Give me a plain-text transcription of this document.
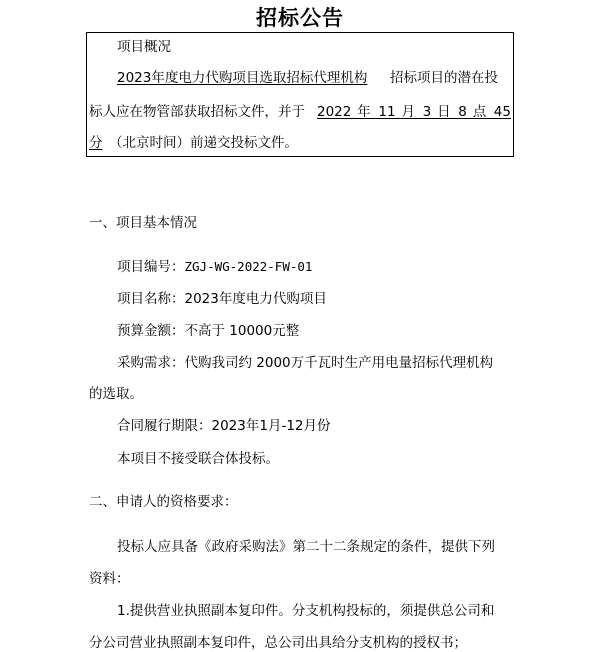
招标公告
项目概况
2023年度电力代购项目选取招标代理机构 招标项目的潜在投
标人应在物管部获取招标文件，并于 2022 年 11 月 3 日 8 点 45
分 （北京时间）前递交投标文件。
一、项目基本情况
项目编号：ZGJ-WG-2022-FW-01
项目名称：2023年度电力代购项目
预算金额：不高于 10000元整
采购需求：代购我司约 2000万千瓦时生产用电量招标代理机构
的选取。
合同履行期限：2023年1月-12月份
本项目不接受联合体投标。
二、申请人的资格要求：
投标人应具备《政府采购法》第二十二条规定的条件，提供下列
资料：
1.提供营业执照副本复印件。分支机构投标的，须提供总公司和
分公司营业执照副本复印件，总公司出具给分支机构的授权书；
